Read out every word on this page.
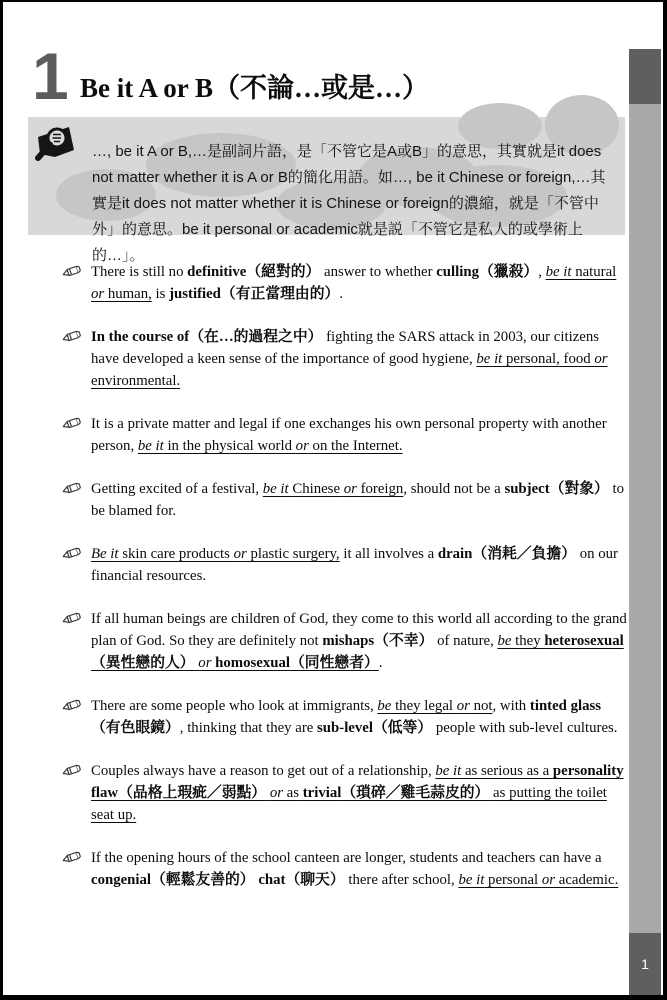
1 Be it A or B（不論…或是…）

…, be it A or B,…是副詞片語，是「不管它是A或B」的意思，其實就是it does not matter whether it is A or B的簡化用語。如…, be it Chinese or foreign,…其實是it does not matter whether it is Chinese or foreign的濃縮，就是「不管中外」的意思。be it personal or academic就是説「不管它是私人的或學術上的…」。

There is still no definitive（絕對的） answer to whether culling（獵殺）, be it natural or human, is justified（有正當理由的）.
In the course of（在…的過程之中） fighting the SARS attack in 2003, our citizens have developed a keen sense of the importance of good hygiene, be it personal, food or environmental.
It is a private matter and legal if one exchanges his own personal property with another person, be it in the physical world or on the Internet.
Getting excited of a festival, be it Chinese or foreign, should not be a subject（對象） to be blamed for.
Be it skin care products or plastic surgery, it all involves a drain（消耗／負擔） on our financial resources.
If all human beings are children of God, they come to this world all according to the grand plan of God. So they are definitely not mishaps（不幸） of nature, be they heterosexual（異性戀的人） or homosexual（同性戀者）.
There are some people who look at immigrants, be they legal or not, with tinted glass（有色眼鏡）, thinking that they are sub-level（低等） people with sub-level cultures.
Couples always have a reason to get out of a relationship, be it as serious as a personality flaw（品格上瑕疵／弱點） or as trivial（瑣碎／雞毛蒜皮的） as putting the toilet seat up.
If the opening hours of the school canteen are longer, students and teachers can have a congenial（輕鬆友善的） chat（聊天） there after school, be it personal or academic.
1
